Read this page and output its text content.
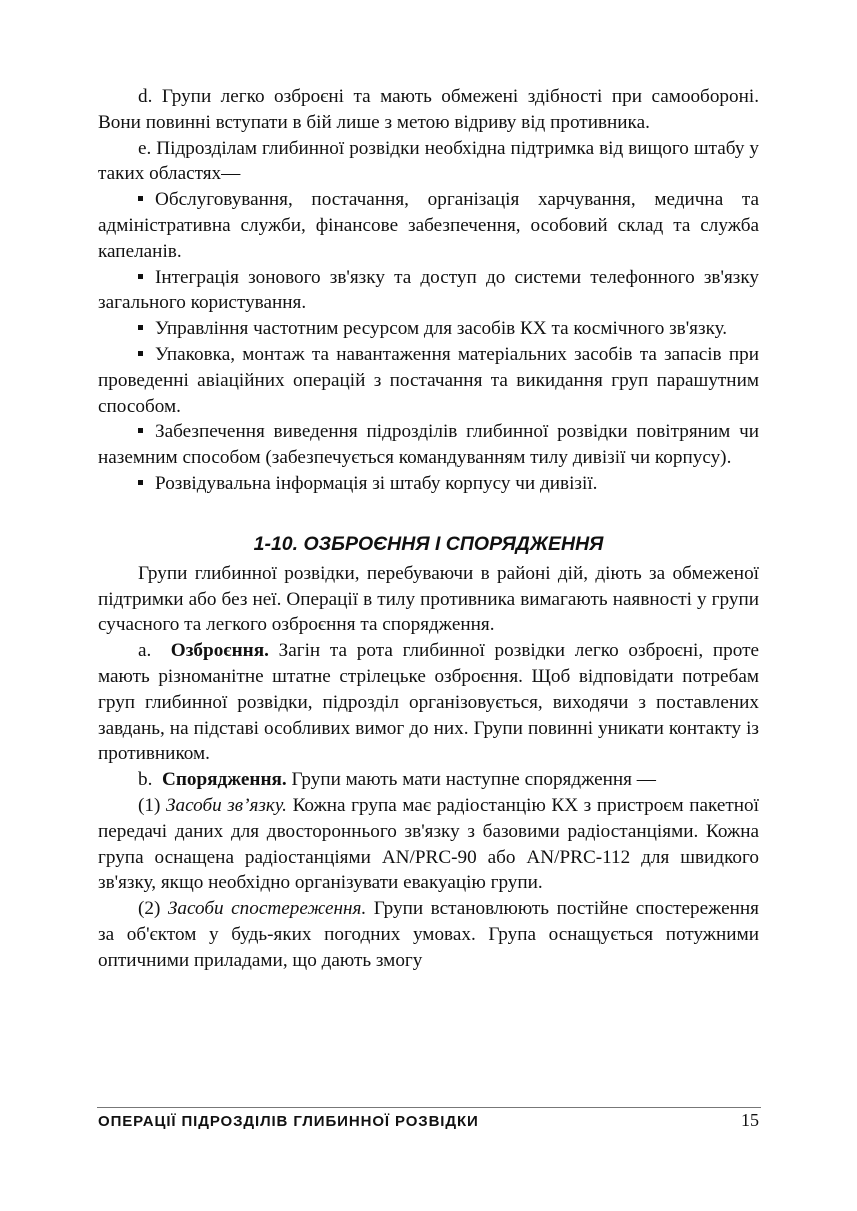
d. Групи легко озброєні та мають обмежені здібності при самообороні. Вони повинні вступати в бій лише з метою відриву від противника.

e. Підрозділам глибинної розвідки необхідна підтримка від вищого штабу у таких областях—

Обслуговування, постачання, організація харчування, медична та адміністративна служби, фінансове забезпечення, особовий склад та служба капеланів.

Інтеграція зонового зв'язку та доступ до системи телефонного зв'язку загального користування.

Управління частотним ресурсом для засобів КХ та космічного зв'язку.

Упаковка, монтаж та навантаження матеріальних засобів та запасів при проведенні авіаційних операцій з постачання та викидання груп парашутним способом.

Забезпечення виведення підрозділів глибинної розвідки повітряним чи наземним способом (забезпечується командуванням тилу дивізії чи корпусу).

Розвідувальна інформація зі штабу корпусу чи дивізії.

1-10. ОЗБРОЄННЯ І СПОРЯДЖЕННЯ

Групи глибинної розвідки, перебуваючи в районі дій, діють за обмеженої підтримки або без неї. Операції в тилу противника вимагають наявності у групи сучасного та легкого озброєння та спорядження.

a. Озброєння. Загін та рота глибинної розвідки легко озброєні, проте мають різноманітне штатне стрілецьке озброєння. Щоб відповідати потребам груп глибинної розвідки, підрозділ організовується, виходячи з поставлених завдань, на підставі особливих вимог до них. Групи повинні уникати контакту із противником.

b. Спорядження. Групи мають мати наступне спорядження —

(1) Засоби зв’язку. Кожна група має радіостанцію КХ з пристроєм пакетної передачі даних для двостороннього зв'язку з базовими радіостанціями. Кожна група оснащена радіостанціями AN/PRC-90 або AN/PRC-112 для швидкого зв'язку, якщо необхідно організувати евакуацію групи.

(2) Засоби спостереження. Групи встановлюють постійне спостереження за об'єктом у будь-яких погодних умовах. Група оснащується потужними оптичними приладами, що дають змогу

ОПЕРАЦІЇ ПІДРОЗДІЛІВ ГЛИБИННОЇ РОЗВІДКИ	15
